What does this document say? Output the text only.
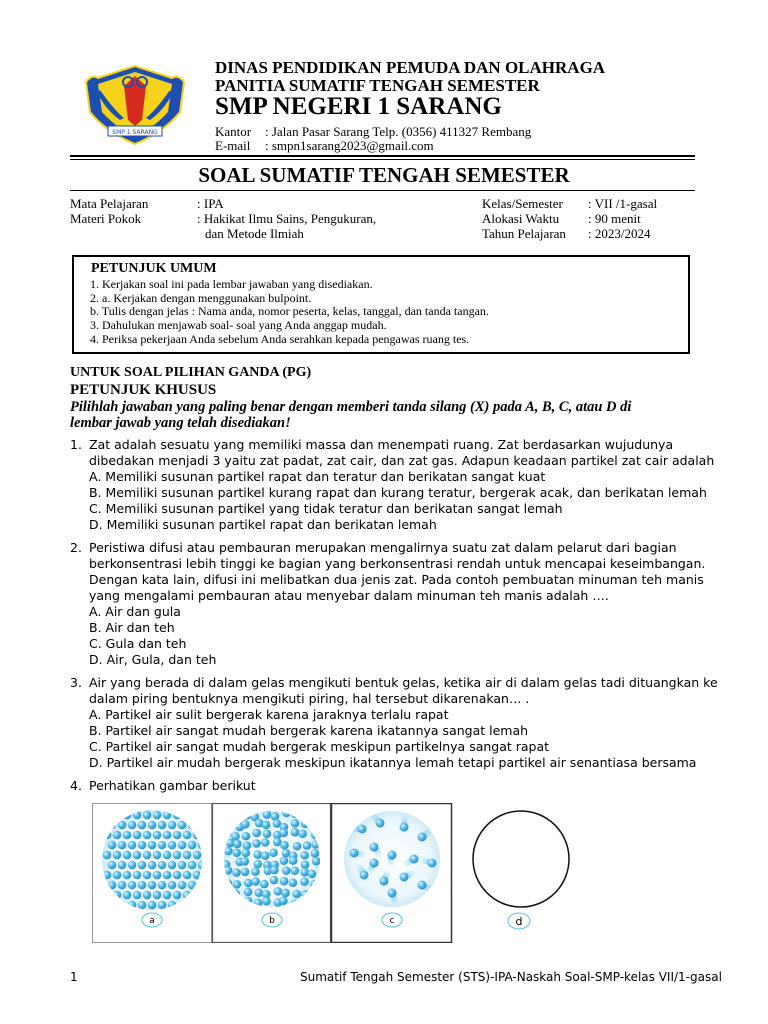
SMP 1 SARANG
DINAS PENDIDIKAN PEMUDA DAN OLAHRAGA
PANITIA SUMATIF TENGAH SEMESTER
SMP NEGERI 1 SARANG
Kantor : Jalan Pasar Sarang Telp. (0356) 411327 Rembang
E-mail : smpn1sarang2023@gmail.com
SOAL SUMATIF TENGAH SEMESTER
Mata Pelajaran	: IPA
Materi Pokok	: Hakikat Ilmu Sains, Pengukuran,
dan Metode Ilmiah
Kelas/Semester : VII /1-gasal
Alokasi Waktu : 90 menit
Tahun Pelajaran : 2023/2024
PETUNJUK UMUM
1. Kerjakan soal ini pada lembar jawaban yang disediakan.
2. a. Kerjakan dengan menggunakan bulpoint.
b. Tulis dengan jelas : Nama anda, nomor peserta, kelas, tanggal, dan tanda tangan.
3. Dahulukan menjawab soal- soal yang Anda anggap mudah.
4. Periksa pekerjaan Anda sebelum Anda serahkan kepada pengawas ruang tes.
UNTUK SOAL PILIHAN GANDA (PG)
PETUNJUK KHUSUS
Pilihlah jawaban yang paling benar dengan memberi tanda silang (X) pada A, B, C, atau D di
lembar jawab yang telah disediakan!
1. Zat adalah sesuatu yang memiliki massa dan menempati ruang. Zat berdasarkan wujudunya
dibedakan menjadi 3 yaitu zat padat, zat cair, dan zat gas. Adapun keadaan partikel zat cair adalah
A. Memiliki susunan partikel rapat dan teratur dan berikatan sangat kuat
B. Memiliki susunan partikel kurang rapat dan kurang teratur, bergerak acak, dan berikatan lemah
C. Memiliki susunan partikel yang tidak teratur dan berikatan sangat lemah
D. Memiliki susunan partikel rapat dan berikatan lemah
2. Peristiwa difusi atau pembauran merupakan mengalirnya suatu zat dalam pelarut dari bagian
berkonsentrasi lebih tinggi ke bagian yang berkonsentrasi rendah untuk mencapai keseimbangan.
Dengan kata lain, difusi ini melibatkan dua jenis zat. Pada contoh pembuatan minuman teh manis
yang mengalami pembauran atau menyebar dalam minuman teh manis adalah ….
A. Air dan gula
B. Air dan teh
C. Gula dan teh
D. Air, Gula, dan teh
3. Air yang berada di dalam gelas mengikuti bentuk gelas, ketika air di dalam gelas tadi dituangkan ke
dalam piring bentuknya mengikuti piring, hal tersebut dikarenakan… .
A. Partikel air sulit bergerak karena jaraknya terlalu rapat
B. Partikel air sangat mudah bergerak karena ikatannya sangat lemah
C. Partikel air sangat mudah bergerak meskipun partikelnya sangat rapat
D. Partikel air mudah bergerak meskipun ikatannya lemah tetapi partikel air senantiasa bersama
4. Perhatikan gambar berikut
a	b	c	d
1	Sumatif Tengah Semester (STS)-IPA-Naskah Soal-SMP-kelas VII/1-gasal
